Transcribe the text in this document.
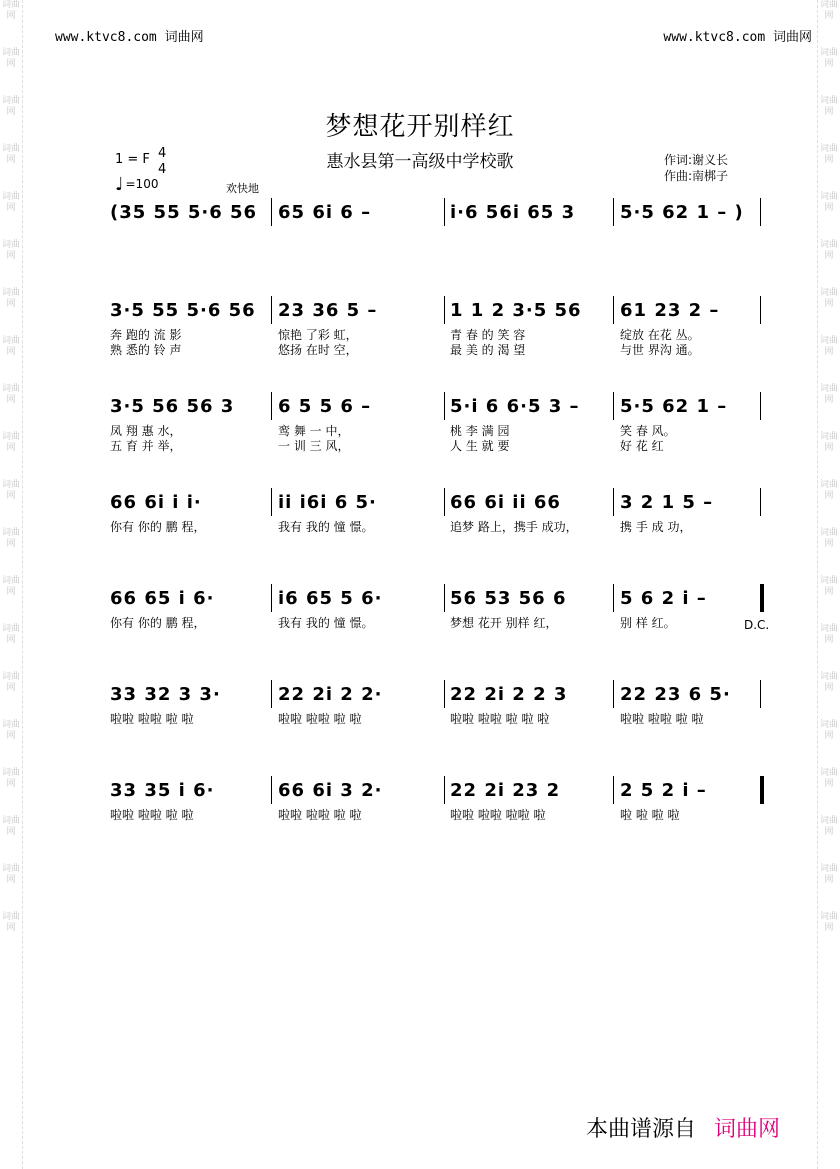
词曲网
词曲网
词曲网
词曲网
词曲网
词曲网
词曲网
词曲网
词曲网
词曲网
词曲网
词曲网
词曲网
词曲网
词曲网
词曲网
词曲网
词曲网
词曲网
词曲网
词曲网
词曲网
词曲网
词曲网
词曲网
词曲网
词曲网
词曲网
词曲网
词曲网
词曲网
词曲网
词曲网
词曲网
词曲网
词曲网
词曲网
词曲网
词曲网
词曲网
www.ktvc8.com 词曲网	www.ktvc8.com 词曲网
梦想花开别样红
惠水县第一高级中学校歌	作词:谢义长
作曲:南梆子
1 = F 4
4
♩ =100	欢快地
(35 55 5·6 56 65 6i 6 –	i·6 56i 65 3 5·5 62 1 – )
3·5 55 5·6 56
奔 跑的 流 影
熟 悉的 铃 声
23 36 5 –
惊艳 了彩 虹，
悠扬 在时 空，
1 1 2 3·5 56
青 春 的 笑 容
最 美 的 渴 望
61 23 2 –
绽放 在花 丛。
与世 界沟 通。
3·5 56 56 3
凤 翔 惠 水，
五 育 并 举，
6 5 5 6 –
鸾 舞 一 中，
一 训 三 风，
5·i 6 6·5 3 –
桃 李 满 园
人 生 就 要
5·5 62 1 –
笑 春 风。
好 花 红
66 6i i i·
你有 你的 鹏 程，
ii i6i 6 5·
我有 我的 憧 憬。
66 6i ii 66
追梦 路上，携手 成功，
3 2 1 5 –
携 手 成 功，
66 65 i 6·
你有 你的 鹏 程，
i6 65 5 6·
我有 我的 憧 憬。
56 53 56 6
梦想 花开 别样 红，
5 6 2 i –
别 样 红。	D.C.
33 32 3 3·
啦啦 啦啦 啦 啦
22 2i 2 2·
啦啦 啦啦 啦 啦
22 2i 2 2 3
啦啦 啦啦 啦 啦 啦
22 23 6 5·
啦啦 啦啦 啦 啦
33 35 i 6·
啦啦 啦啦 啦 啦
66 6i 3 2·
啦啦 啦啦 啦 啦
22 2i 23 2
啦啦 啦啦 啦啦 啦
2 5 2 i –
啦 啦 啦 啦
本曲谱源自 词曲网
